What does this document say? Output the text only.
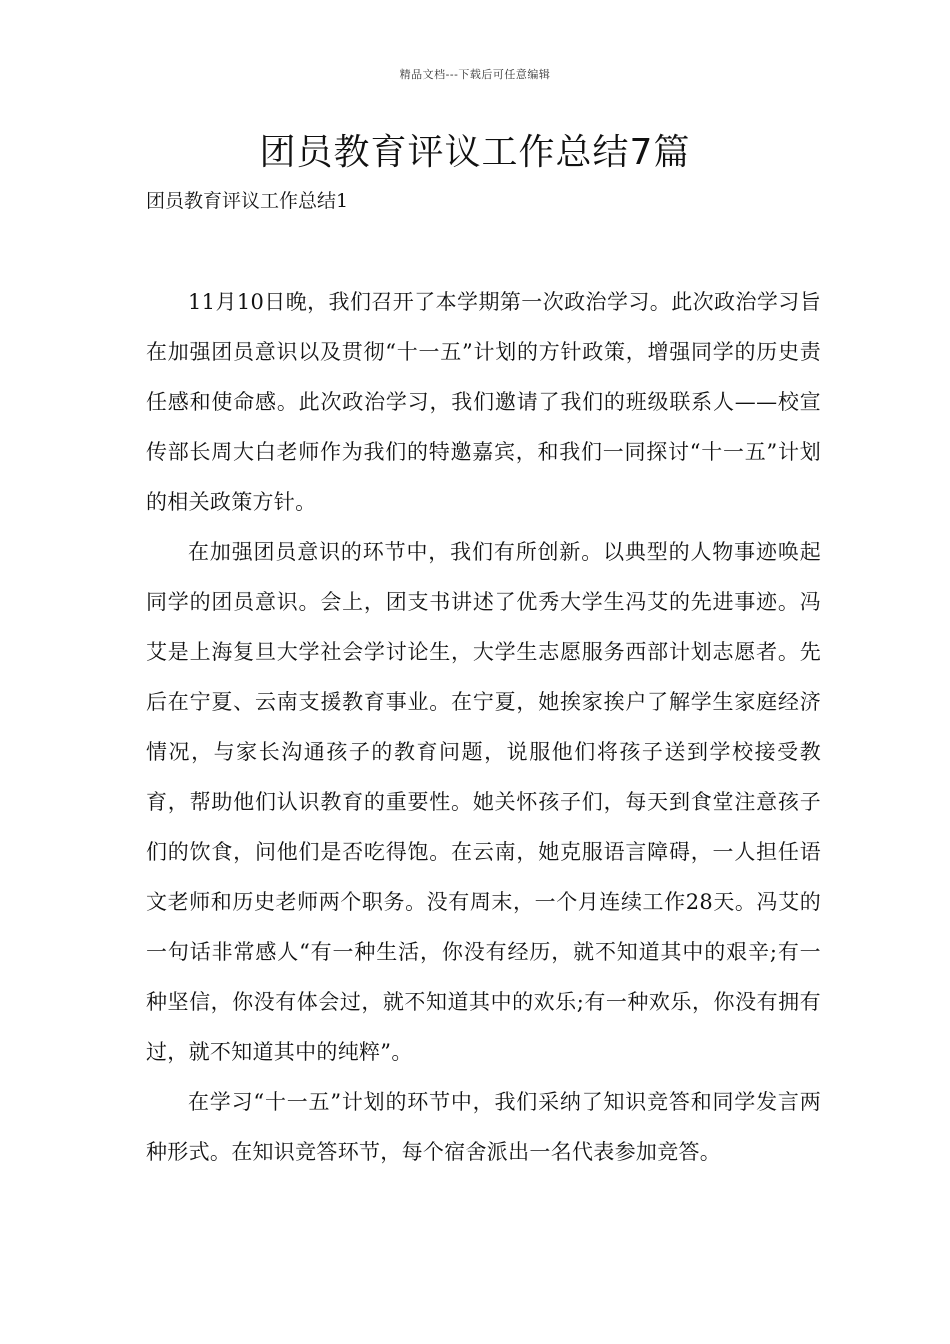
精品文档---下载后可任意编辑
团员教育评议工作总结7篇
团员教育评议工作总结1

11月10日晚，我们召开了本学期第一次政治学习。此次政治学习旨在加强团员意识以及贯彻“十一五”计划的方针政策，增强同学的历史责任感和使命感。此次政治学习，我们邀请了我们的班级联系人——校宣传部长周大白老师作为我们的特邀嘉宾，和我们一同探讨“十一五”计划的相关政策方针。

在加强团员意识的环节中，我们有所创新。以典型的人物事迹唤起同学的团员意识。会上，团支书讲述了优秀大学生冯艾的先进事迹。冯艾是上海复旦大学社会学讨论生，大学生志愿服务西部计划志愿者。先后在宁夏、云南支援教育事业。在宁夏，她挨家挨户了解学生家庭经济情况，与家长沟通孩子的教育问题，说服他们将孩子送到学校接受教育，帮助他们认识教育的重要性。她关怀孩子们，每天到食堂注意孩子们的饮食，问他们是否吃得饱。在云南，她克服语言障碍，一人担任语文老师和历史老师两个职务。没有周末，一个月连续工作28天。冯艾的一句话非常感人“有一种生活，你没有经历，就不知道其中的艰辛;有一种坚信，你没有体会过，就不知道其中的欢乐;有一种欢乐，你没有拥有过，就不知道其中的纯粹”。

在学习“十一五”计划的环节中，我们采纳了知识竞答和同学发言两种形式。在知识竞答环节，每个宿舍派出一名代表参加竞答。
